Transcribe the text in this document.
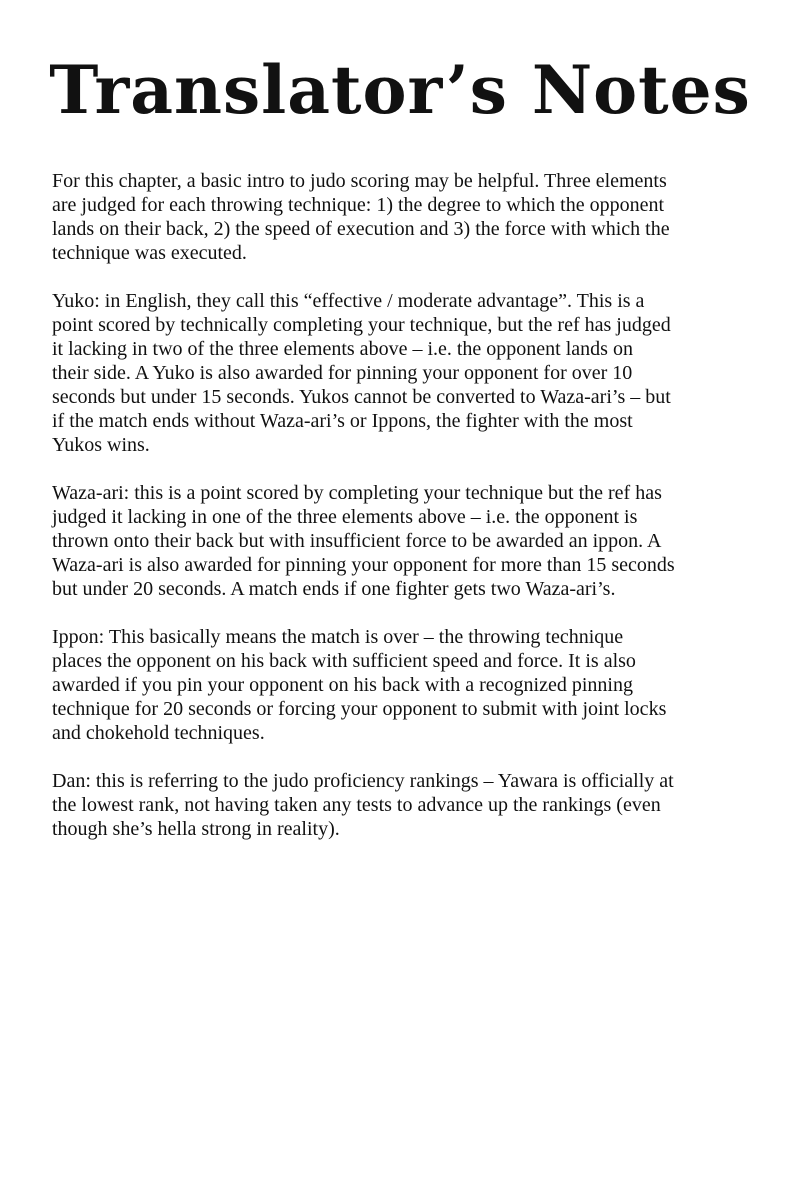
Translator’s Notes

For this chapter, a basic intro to judo scoring may be helpful. Three elements
are judged for each throwing technique: 1) the degree to which the opponent
lands on their back, 2) the speed of execution and 3) the force with which the
technique was executed.

Yuko: in English, they call this “effective / moderate advantage”. This is a
point scored by technically completing your technique, but the ref has judged
it lacking in two of the three elements above – i.e. the opponent lands on
their side. A Yuko is also awarded for pinning your opponent for over 10
seconds but under 15 seconds. Yukos cannot be converted to Waza-ari’s – but
if the match ends without Waza-ari’s or Ippons, the fighter with the most
Yukos wins.

Waza-ari: this is a point scored by completing your technique but the ref has
judged it lacking in one of the three elements above – i.e. the opponent is
thrown onto their back but with insufficient force to be awarded an ippon. A
Waza-ari is also awarded for pinning your opponent for more than 15 seconds
but under 20 seconds. A match ends if one fighter gets two Waza-ari’s.

Ippon: This basically means the match is over – the throwing technique
places the opponent on his back with sufficient speed and force. It is also
awarded if you pin your opponent on his back with a recognized pinning
technique for 20 seconds or forcing your opponent to submit with joint locks
and chokehold techniques.

Dan: this is referring to the judo proficiency rankings – Yawara is officially at
the lowest rank, not having taken any tests to advance up the rankings (even
though she’s hella strong in reality).
